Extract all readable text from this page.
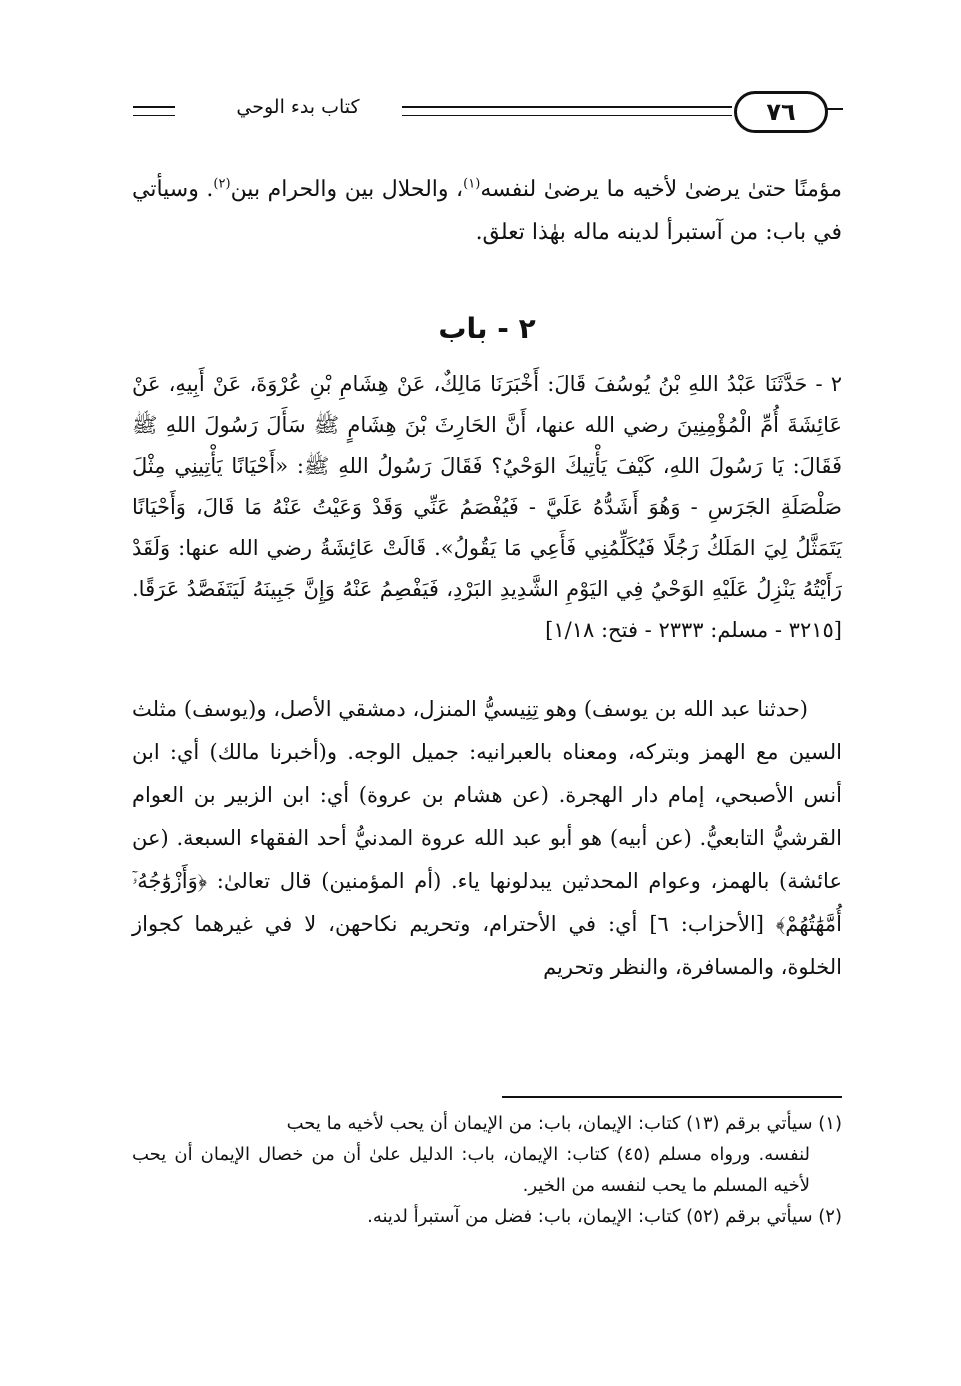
كتاب بدء الوحي	٧٦
مؤمنًا حتىٰ يرضىٰ لأخيه ما يرضىٰ لنفسه$^{(١)}$، والحلال بين والحرام بين$^{(٢)}$. وسيأتي في باب: من آستبرأ لدينه ماله بهٰذا تعلق.
٢ - باب
٢ - حَدَّثَنَا عَبْدُ اللهِ بْنُ يُوسُفَ قَالَ: أَخْبَرَنَا مَالِكٌ، عَنْ هِشَامِ بْنِ عُرْوَةَ، عَنْ أَبِيهِ، عَنْ عَائِشَةَ أُمِّ الْمُؤْمِنِينَ رضي الله عنها، أَنَّ الحَارِثَ بْنَ هِشَامٍ ﷺ سَأَلَ رَسُولَ اللهِ ﷺ فَقَالَ: يَا رَسُولَ اللهِ، كَيْفَ يَأْتِيكَ الوَحْيُ؟ فَقَالَ رَسُولُ اللهِ ﷺ: «أَحْيَانًا يَأْتِينِي مِثْلَ صَلْصَلَةِ الجَرَسِ - وَهُوَ أَشَدُّهُ عَلَيَّ - فَيُفْصَمُ عَنِّي وَقَدْ وَعَيْتُ عَنْهُ مَا قَالَ، وَأَحْيَانًا يَتَمَثَّلُ لِيَ المَلَكُ رَجُلًا فَيُكَلِّمُنِي فَأَعِي مَا يَقُولُ». قَالَتْ عَائِشَةُ رضي الله عنها: وَلَقَدْ رَأَيْتُهُ يَنْزِلُ عَلَيْهِ الوَحْيُ فِي اليَوْمِ الشَّدِيدِ البَرْدِ، فَيَفْصِمُ عَنْهُ وَإِنَّ جَبِينَهُ لَيَتَفَصَّدُ عَرَقًا. [٣٢١٥ - مسلم: ٢٣٣٣ - فتح: ١/١٨]
(حدثنا عبد الله بن يوسف) وهو تِنِيسيُّ المنزل، دمشقي الأصل، و(يوسف) مثلث السين مع الهمز وبتركه، ومعناه بالعبرانيه: جميل الوجه. و(أخبرنا مالك) أي: ابن أنس الأصبحي، إمام دار الهجرة. (عن هشام بن عروة) أي: ابن الزبير بن العوام القرشيُّ التابعيُّ. (عن أبيه) هو أبو عبد الله عروة المدنيُّ أحد الفقهاء السبعة. (عن عائشة) بالهمز، وعوام المحدثين يبدلونها ياء. (أم المؤمنين) قال تعالىٰ: ﴿وَأَزْوَٰجُهُۥٓ أُمَّهَٰتُهُمْ﴾ [الأحزاب: ٦] أي: في الأحترام، وتحريم نكاحهن، لا في غيرهما كجواز الخلوة، والمسافرة، والنظر وتحريم

(١) سيأتي برقم (١٣) كتاب: الإيمان، باب: من الإيمان أن يحب لأخيه ما يحب

لنفسه. ورواه مسلم (٤٥) كتاب: الإيمان، باب: الدليل علىٰ أن من خصال الإيمان أن يحب لأخيه المسلم ما يحب لنفسه من الخير.

(٢) سيأتي برقم (٥٢) كتاب: الإيمان، باب: فضل من آستبرأ لدينه.
